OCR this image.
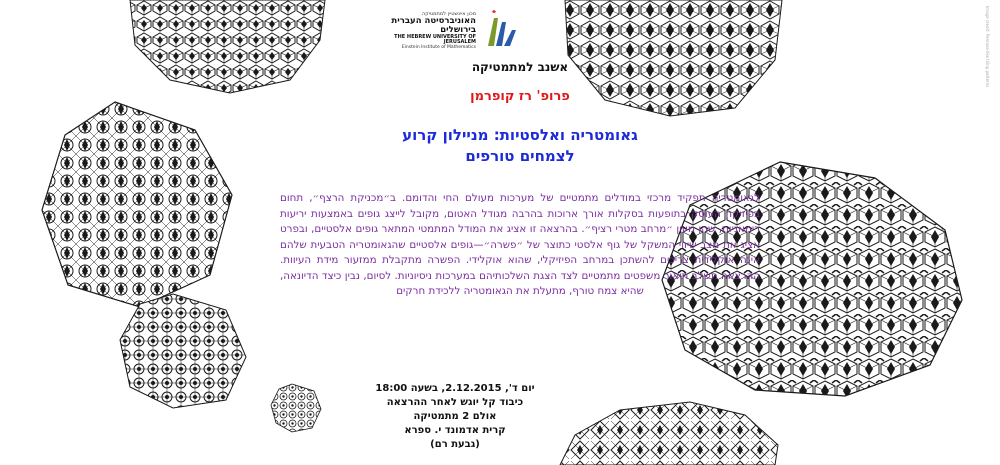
מכון איינשטיין למתמטיקה
האוניברסיטה העברית בירושלים
THE HEBREW UNIVERSITY OF JERUSALEM
Einstein Institute of Mathematics
אשנב למתמטיקה
פרופ' רז קופרמן
גאומטריה ואלסטיות: מניילון קרוע
לצמחים טורפים
לגאומטריה תפקיד מרכזי במודלים מתמטיים של מערכות מעולם החי והדומם. ב״מכניקת הרצף״, תחום בפיזיקה העוסק בתופעות בסקלות אורך ארוכות בהרבה מגודל האטום, מקובל לייצג גופים באמצעות יריעות רימאניות, שהן מעין ״מרחב מטרי רציף״. בהרצאה זו אציג את המודל המתמטי המתאר גופים אלסטיים, ובפרט אציג את מצב שיווי המשקל של גוף אלסטי כתוצר של ״פשרה״—גופים אלסטיים שהגאומטריה הטבעית שלהם אינה אוקלידית צריכים להשתכן במרחב הפיזיקלי, שהוא אוקלידי. הפשרה מתקבלת ממזעור מידת העיוות. ההרצאה תשלב תיאור משפטים מתמטיים לצד הצגת השלכותיהם במערכות ניסיוניות. לסיום, נבין כיצד הדיונאה, שהיא צמח טורף, מתעלת את הגאומטריה ללכידת חרקים
יום ד', 2.12.2015, בשעה 18:00
כיבוד קל יוגש לאחר ההרצאה
אולם 2 מתמטיקה
קרית אדמונד י. ספרא
(גבעת רם)
Image credit: Penrose-like tiling patterns
